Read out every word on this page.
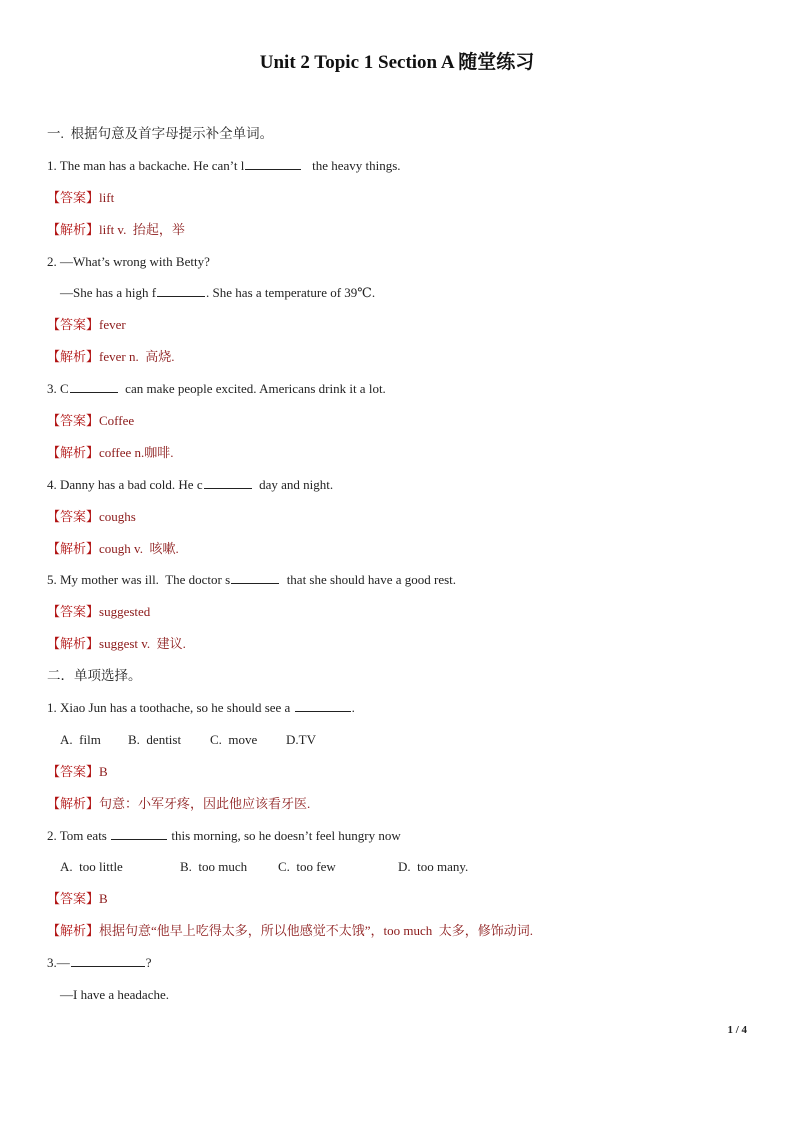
Unit 2 Topic 1 Section A 随堂练习
一.  根据句意及首字母提示补全单词。
1. The man has a backache. He can’t l	the heavy things.
【答案】lift
【解析】lift v.  抬起，举
2. —What’s wrong with Betty?
—She has a high f	. She has a temperature of 39℃.
【答案】fever
【解析】fever n.  高烧.
3. C	can make people excited. Americans drink it a lot.
【答案】Coffee
【解析】coffee n.咖啡.
4. Danny has a bad cold. He c	day and night.
【答案】coughs
【解析】cough v.  咳嗽.
5. My mother was ill.  The doctor s	that she should have a good rest.
【答案】suggested
【解析】suggest v.  建议.
二．单项选择。
1. Xiao Jun has a toothache, so he should see a	.
A.  film B.  dentist C.  move D.TV
【答案】B
【解析】句意：小军牙疼，因此他应该看牙医.
2. Tom eats	this morning, so he doesn’t feel hungry now
A.  too little	B.  too much C.  too few	D.  too many.
【答案】B
【解析】根据句意“他早上吃得太多，所以他感觉不太饿”，too much  太多，修饰动词.
3.—	?
—I have a headache.
1 / 4
